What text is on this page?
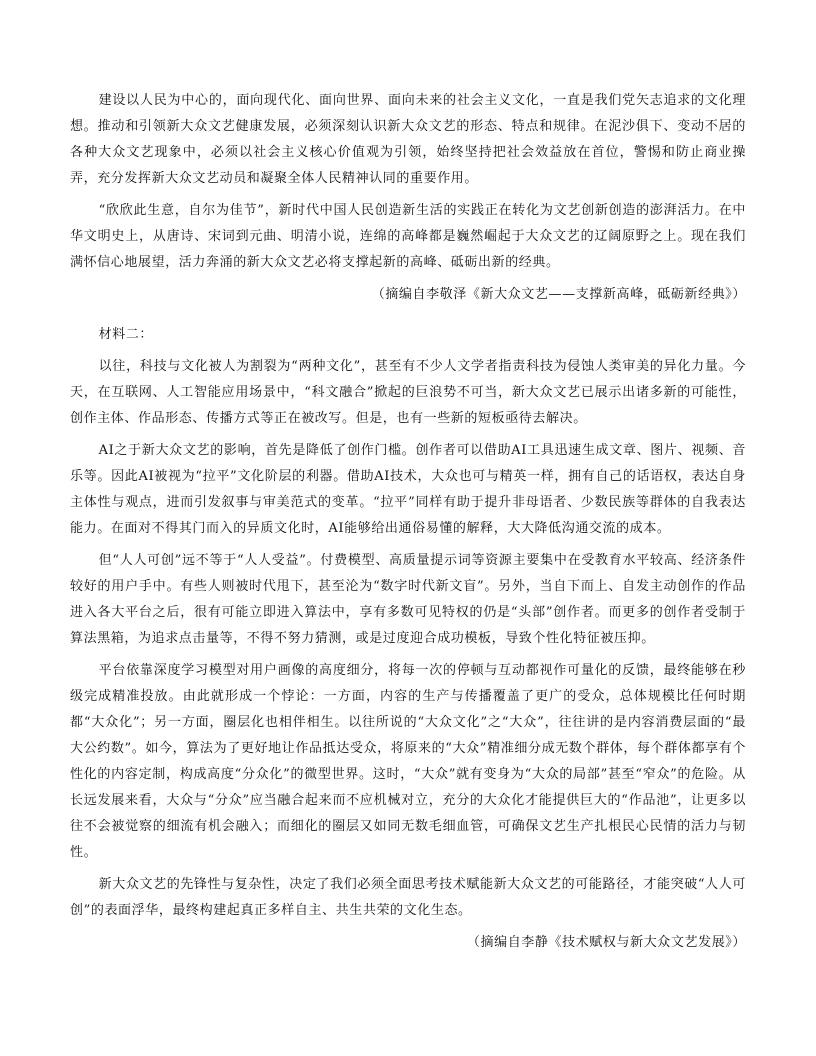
建设以人民为中心的，面向现代化、面向世界、面向未来的社会主义文化，一直是我们党矢志追求的文化理想。推动和引领新大众文艺健康发展，必须深刻认识新大众文艺的形态、特点和规律。在泥沙俱下、变动不居的各种大众文艺现象中，必须以社会主义核心价值观为引领，始终坚持把社会效益放在首位，警惕和防止商业操弄，充分发挥新大众文艺动员和凝聚全体人民精神认同的重要作用。

“欣欣此生意，自尔为佳节”，新时代中国人民创造新生活的实践正在转化为文艺创新创造的澎湃活力。在中华文明史上，从唐诗、宋词到元曲、明清小说，连绵的高峰都是巍然崛起于大众文艺的辽阔原野之上。现在我们满怀信心地展望，活力奔涌的新大众文艺必将支撑起新的高峰、砥砺出新的经典。

（摘编自李敬泽《新大众文艺——支撑新高峰，砥砺新经典》）

材料二：

以往，科技与文化被人为割裂为“两种文化”，甚至有不少人文学者指责科技为侵蚀人类审美的异化力量。今天，在互联网、人工智能应用场景中，“科文融合”掀起的巨浪势不可当，新大众文艺已展示出诸多新的可能性，创作主体、作品形态、传播方式等正在被改写。但是，也有一些新的短板亟待去解决。

AI之于新大众文艺的影响，首先是降低了创作门槛。创作者可以借助AI工具迅速生成文章、图片、视频、音乐等。因此AI被视为“拉平”文化阶层的利器。借助AI技术，大众也可与精英一样，拥有自己的话语权，表达自身主体性与观点，进而引发叙事与审美范式的变革。“拉平”同样有助于提升非母语者、少数民族等群体的自我表达能力。在面对不得其门而入的异质文化时，AI能够给出通俗易懂的解释，大大降低沟通交流的成本。

但“人人可创”远不等于“人人受益”。付费模型、高质量提示词等资源主要集中在受教育水平较高、经济条件较好的用户手中。有些人则被时代甩下，甚至沦为“数字时代新文盲”。另外，当自下而上、自发主动创作的作品进入各大平台之后，很有可能立即进入算法中，享有多数可见特权的仍是“头部”创作者。而更多的创作者受制于算法黑箱，为追求点击量等，不得不努力猜测，或是过度迎合成功模板，导致个性化特征被压抑。

平台依靠深度学习模型对用户画像的高度细分，将每一次的停顿与互动都视作可量化的反馈，最终能够在秒级完成精准投放。由此就形成一个悖论：一方面，内容的生产与传播覆盖了更广的受众，总体规模比任何时期都“大众化”；另一方面，圈层化也相伴相生。以往所说的“大众文化”之“大众”，往往讲的是内容消费层面的“最大公约数”。如今，算法为了更好地让作品抵达受众，将原来的“大众”精准细分成无数个群体，每个群体都享有个性化的内容定制，构成高度“分众化”的微型世界。这时，“大众”就有变身为“大众的局部”甚至“窄众”的危险。从长远发展来看，大众与“分众”应当融合起来而不应机械对立，充分的大众化才能提供巨大的“作品池”，让更多以往不会被觉察的细流有机会融入；而细化的圈层又如同无数毛细血管，可确保文艺生产扎根民心民情的活力与韧性。

新大众文艺的先锋性与复杂性，决定了我们必须全面思考技术赋能新大众文艺的可能路径，才能突破“人人可创”的表面浮华，最终构建起真正多样自主、共生共荣的文化生态。

（摘编自李静《技术赋权与新大众文艺发展》）
